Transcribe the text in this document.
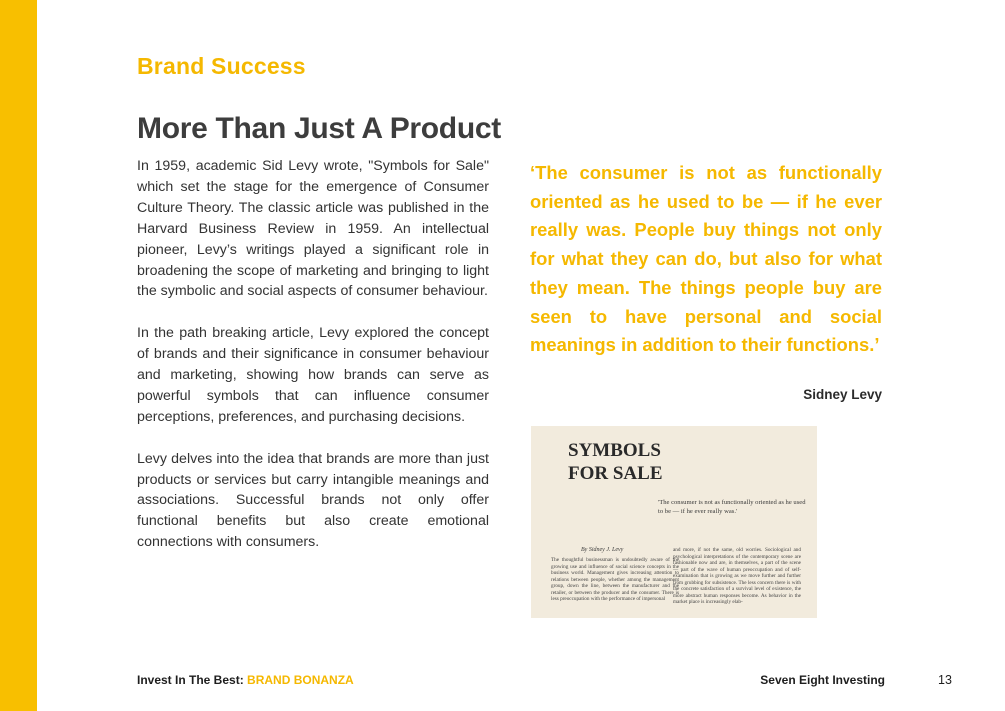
Brand Success
More Than Just A Product

In 1959, academic Sid Levy wrote, "Symbols for Sale" which set the stage for the emergence of Consumer Culture Theory. The classic article was published in the Harvard Business Review in 1959. An intellectual pioneer, Levy’s writings played a significant role in broadening the scope of marketing and bringing to light the symbolic and social aspects of consumer behaviour.

In the path breaking article, Levy explored the concept of brands and their significance in consumer behaviour and marketing, showing how brands can serve as powerful symbols that can influence consumer perceptions, preferences, and purchasing decisions.

Levy delves into the idea that brands are more than just products or services but carry intangible meanings and associations. Successful brands not only offer functional benefits but also create emotional connections with consumers.

‘The consumer is not as functionally oriented as he used to be — if he ever really was. People buy things not only for what they can do, but also for what they mean. The things people buy are seen to have personal and social meanings in addition to their functions.’
Sidney Levy
SYMBOLS
FOR SALE
'The consumer is not as functionally oriented as he used to be — if he ever really was.'
By Sidney J. Levy
The thoughtful businessman is undoubtedly aware of the growing use and influence of social science concepts in the business world. Management gives increasing attention to relations between people, whether among the management group, down the line, between the manufacturer and the retailer, or between the producer and the consumer. There is less preoccupation with the performance of impersonal
and more, if not the same, old worries. Sociological and psychological interpretations of the contemporary scene are fashionable now and are, in themselves, a part of the scene — part of the wave of human preoccupation and of self-examination that is growing as we move further and further from grubbing for subsistence. The less concern there is with the concrete satisfaction of a survival level of existence, the more abstract human responses become. As behavior in the market place is increasingly elab-
Invest In The Best: BRAND BONANZA	Seven Eight Investing	13
